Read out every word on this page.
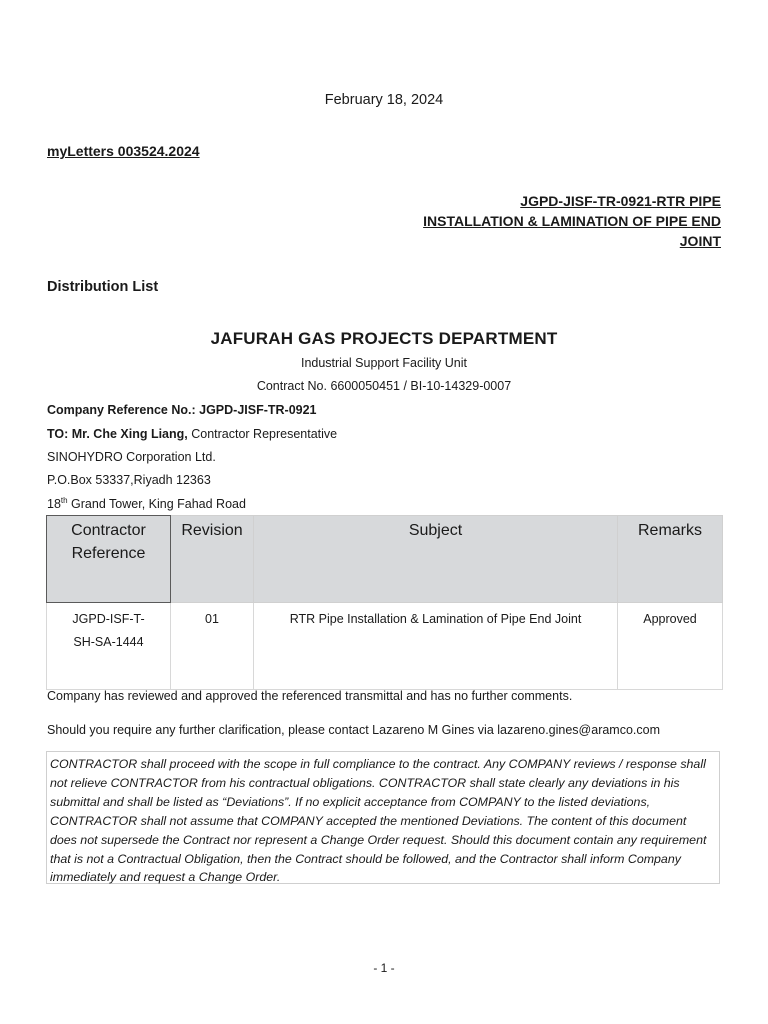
February 18, 2024
myLetters 003524.2024
JGPD-JISF-TR-0921-RTR PIPE
INSTALLATION & LAMINATION OF PIPE END
JOINT
Distribution List
JAFURAH GAS PROJECTS DEPARTMENT
Industrial Support Facility Unit
Contract No. 6600050451 / BI-10-14329-0007
Company Reference No.: JGPD-JISF-TR-0921
TO: Mr. Che Xing Liang, Contractor Representative
SINOHYDRO Corporation Ltd.
P.O.Box 53337,Riyadh 12363
18th Grand Tower, King Fahad Road
Contractor Reference	Revision	Subject	Remarks

JGPD-ISF-T-
SH-SA-1444	01	RTR Pipe Installation & Lamination of Pipe End Joint	Approved
Company has reviewed and approved the referenced transmittal and has no further comments.
Should you require any further clarification, please contact Lazareno M Gines via lazareno.gines@aramco.com
CONTRACTOR shall proceed with the scope in full compliance to the contract. Any COMPANY reviews / response shall not relieve CONTRACTOR from his contractual obligations. CONTRACTOR shall state clearly any deviations in his submittal and shall be listed as “Deviations”. If no explicit acceptance from COMPANY to the listed deviations, CONTRACTOR shall not assume that COMPANY accepted the mentioned Deviations. The content of this document does not supersede the Contract nor represent a Change Order request. Should this document contain any requirement that is not a Contractual Obligation, then the Contract should be followed, and the Contractor shall inform Company immediately and request a Change Order.
- 1 -
